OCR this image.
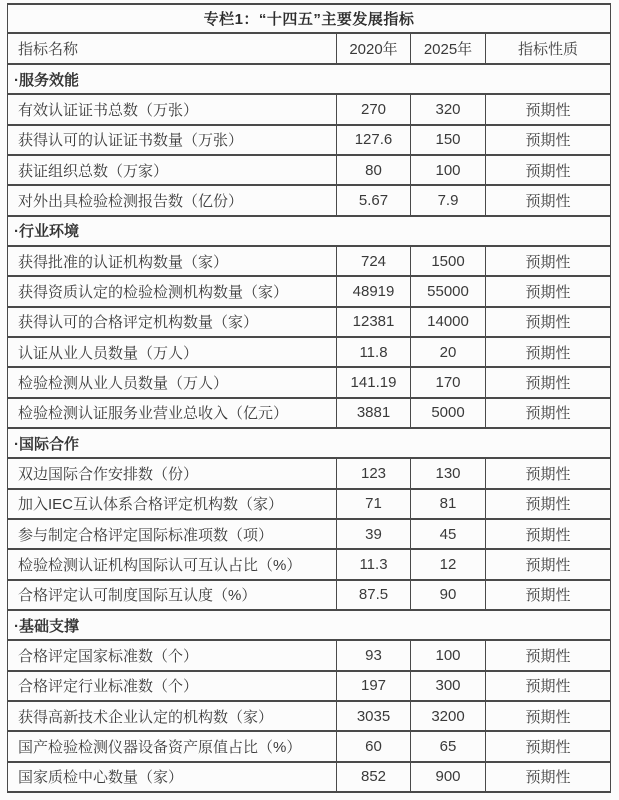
专栏1：“十四五”主要发展指标			
指标名称	2020年	2025年	指标性质
·服务效能			
有效认证证书总数（万张）	270	320	预期性
获得认可的认证证书数量（万张）	127.6	150	预期性
获证组织总数（万家）	80	100	预期性
对外出具检验检测报告数（亿份）	5.67	7.9	预期性
·行业环境			
获得批准的认证机构数量（家）	724	1500	预期性
获得资质认定的检验检测机构数量（家）	48919	55000	预期性
获得认可的合格评定机构数量（家）	12381	14000	预期性
认证从业人员数量（万人）	11.8	20	预期性
检验检测从业人员数量（万人）	141.19	170	预期性
检验检测认证服务业营业总收入（亿元）	3881	5000	预期性
·国际合作			
双边国际合作安排数（份）	123	130	预期性
加入IEC互认体系合格评定机构数（家）	71	81	预期性
参与制定合格评定国际标准项数（项）	39	45	预期性
检验检测认证机构国际认可互认占比（%）	11.3	12	预期性
合格评定认可制度国际互认度（%）	87.5	90	预期性
·基础支撑			
合格评定国家标准数（个）	93	100	预期性
合格评定行业标准数（个）	197	300	预期性
获得高新技术企业认定的机构数（家）	3035	3200	预期性
国产检验检测仪器设备资产原值占比（%）	60	65	预期性
国家质检中心数量（家）	852	900	预期性
